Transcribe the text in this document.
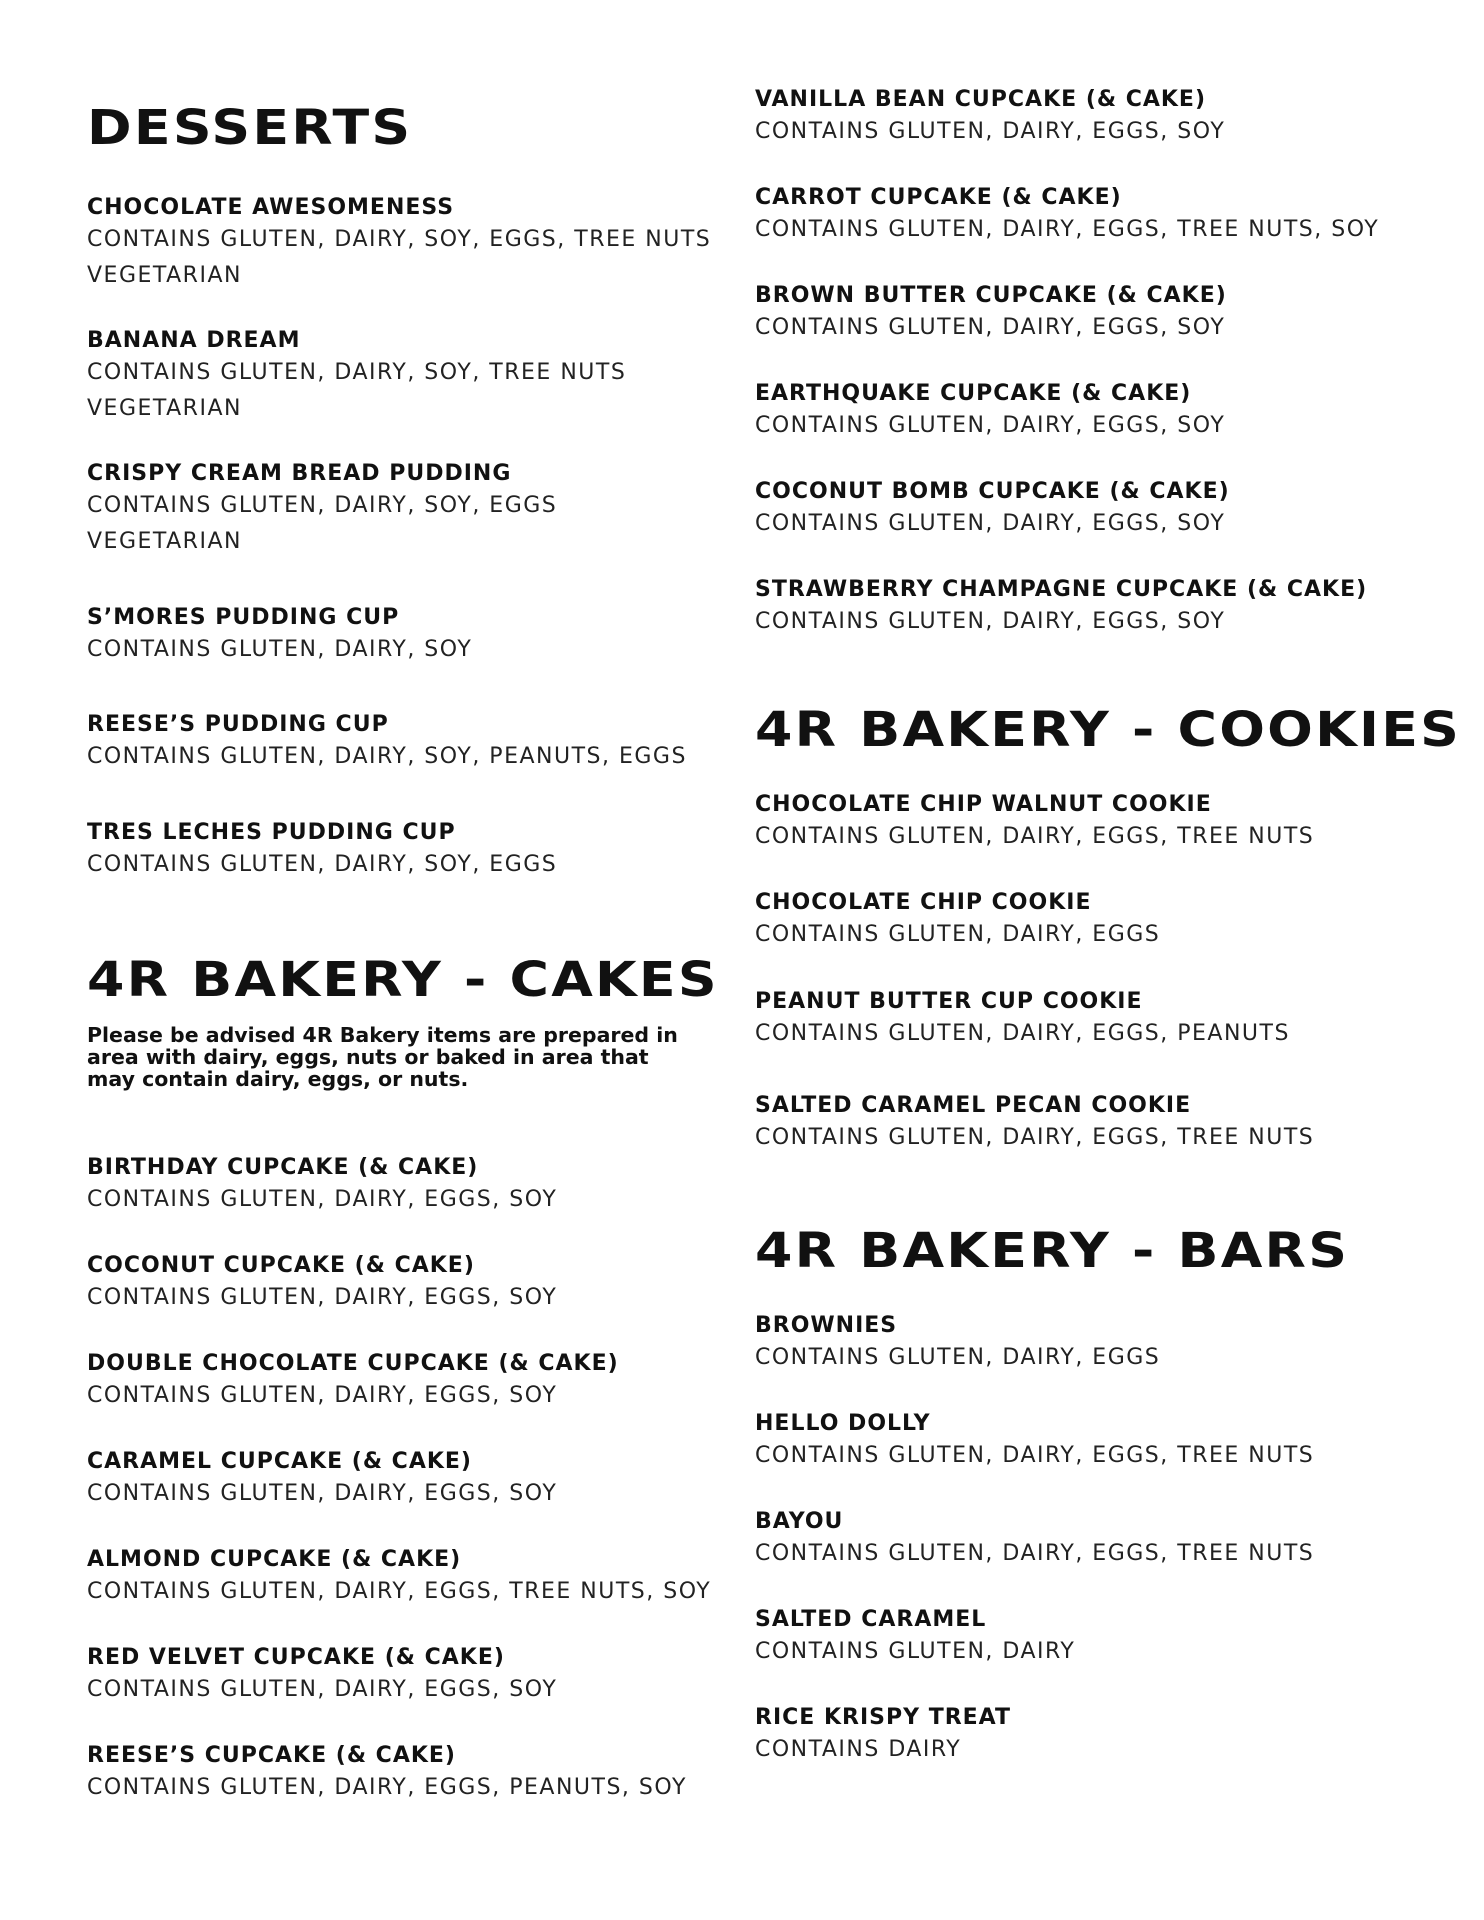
DESSERTS
CHOCOLATE AWESOMENESS
CONTAINS GLUTEN, DAIRY, SOY, EGGS, TREE NUTS
VEGETARIAN
BANANA DREAM
CONTAINS GLUTEN, DAIRY, SOY, TREE NUTS
VEGETARIAN
CRISPY CREAM BREAD PUDDING
CONTAINS GLUTEN, DAIRY, SOY, EGGS
VEGETARIAN
S’MORES PUDDING CUP
CONTAINS GLUTEN, DAIRY, SOY
REESE’S PUDDING CUP
CONTAINS GLUTEN, DAIRY, SOY, PEANUTS, EGGS
TRES LECHES PUDDING CUP
CONTAINS GLUTEN, DAIRY, SOY, EGGS
4R BAKERY - CAKES
Please be advised 4R Bakery items are prepared in
area with dairy, eggs, nuts or baked in area that
may contain dairy, eggs, or nuts.
BIRTHDAY CUPCAKE (& CAKE)
CONTAINS GLUTEN, DAIRY, EGGS, SOY
COCONUT CUPCAKE (& CAKE)
CONTAINS GLUTEN, DAIRY, EGGS, SOY
DOUBLE CHOCOLATE CUPCAKE (& CAKE)
CONTAINS GLUTEN, DAIRY, EGGS, SOY
CARAMEL CUPCAKE (& CAKE)
CONTAINS GLUTEN, DAIRY, EGGS, SOY
ALMOND CUPCAKE (& CAKE)
CONTAINS GLUTEN, DAIRY, EGGS, TREE NUTS, SOY
RED VELVET CUPCAKE (& CAKE)
CONTAINS GLUTEN, DAIRY, EGGS, SOY
REESE’S CUPCAKE (& CAKE)
CONTAINS GLUTEN, DAIRY, EGGS, PEANUTS, SOY
VANILLA BEAN CUPCAKE (& CAKE)
CONTAINS GLUTEN, DAIRY, EGGS, SOY
CARROT CUPCAKE (& CAKE)
CONTAINS GLUTEN, DAIRY, EGGS, TREE NUTS, SOY
BROWN BUTTER CUPCAKE (& CAKE)
CONTAINS GLUTEN, DAIRY, EGGS, SOY
EARTHQUAKE CUPCAKE (& CAKE)
CONTAINS GLUTEN, DAIRY, EGGS, SOY
COCONUT BOMB CUPCAKE (& CAKE)
CONTAINS GLUTEN, DAIRY, EGGS, SOY
STRAWBERRY CHAMPAGNE CUPCAKE (& CAKE)
CONTAINS GLUTEN, DAIRY, EGGS, SOY
4R BAKERY - COOKIES
CHOCOLATE CHIP WALNUT COOKIE
CONTAINS GLUTEN, DAIRY, EGGS, TREE NUTS
CHOCOLATE CHIP COOKIE
CONTAINS GLUTEN, DAIRY, EGGS
PEANUT BUTTER CUP COOKIE
CONTAINS GLUTEN, DAIRY, EGGS, PEANUTS
SALTED CARAMEL PECAN COOKIE
CONTAINS GLUTEN, DAIRY, EGGS, TREE NUTS
4R BAKERY - BARS
BROWNIES
CONTAINS GLUTEN, DAIRY, EGGS
HELLO DOLLY
CONTAINS GLUTEN, DAIRY, EGGS, TREE NUTS
BAYOU
CONTAINS GLUTEN, DAIRY, EGGS, TREE NUTS
SALTED CARAMEL
CONTAINS GLUTEN, DAIRY
RICE KRISPY TREAT
CONTAINS DAIRY
